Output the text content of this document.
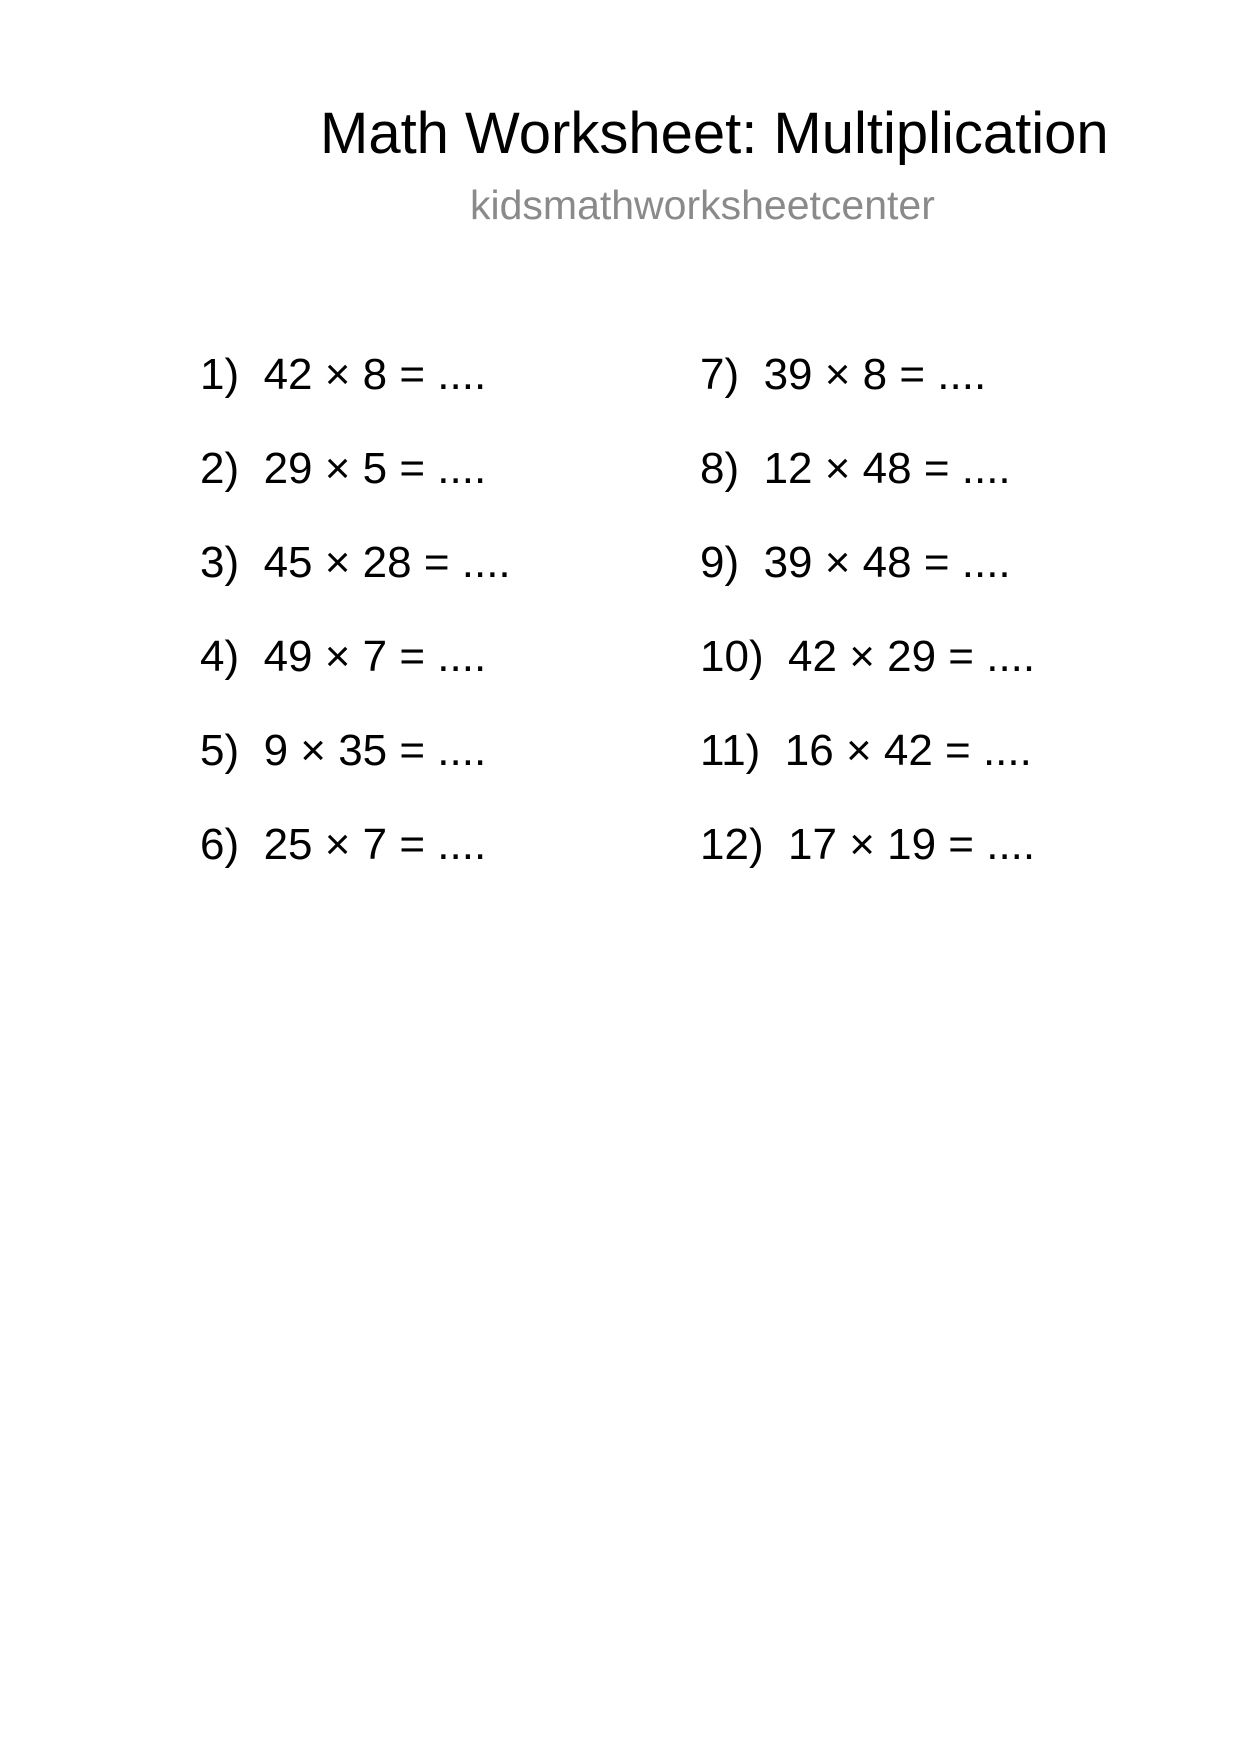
Math Worksheet: Multiplication
kidsmathworksheetcenter
1)  42 × 8 = ....
2)  29 × 5 = ....
3)  45 × 28 = ....
4)  49 × 7 = ....
5)  9 × 35 = ....
6)  25 × 7 = ....
7)  39 × 8 = ....
8)  12 × 48 = ....
9)  39 × 48 = ....
10)  42 × 29 = ....
11)  16 × 42 = ....
12)  17 × 19 = ....
